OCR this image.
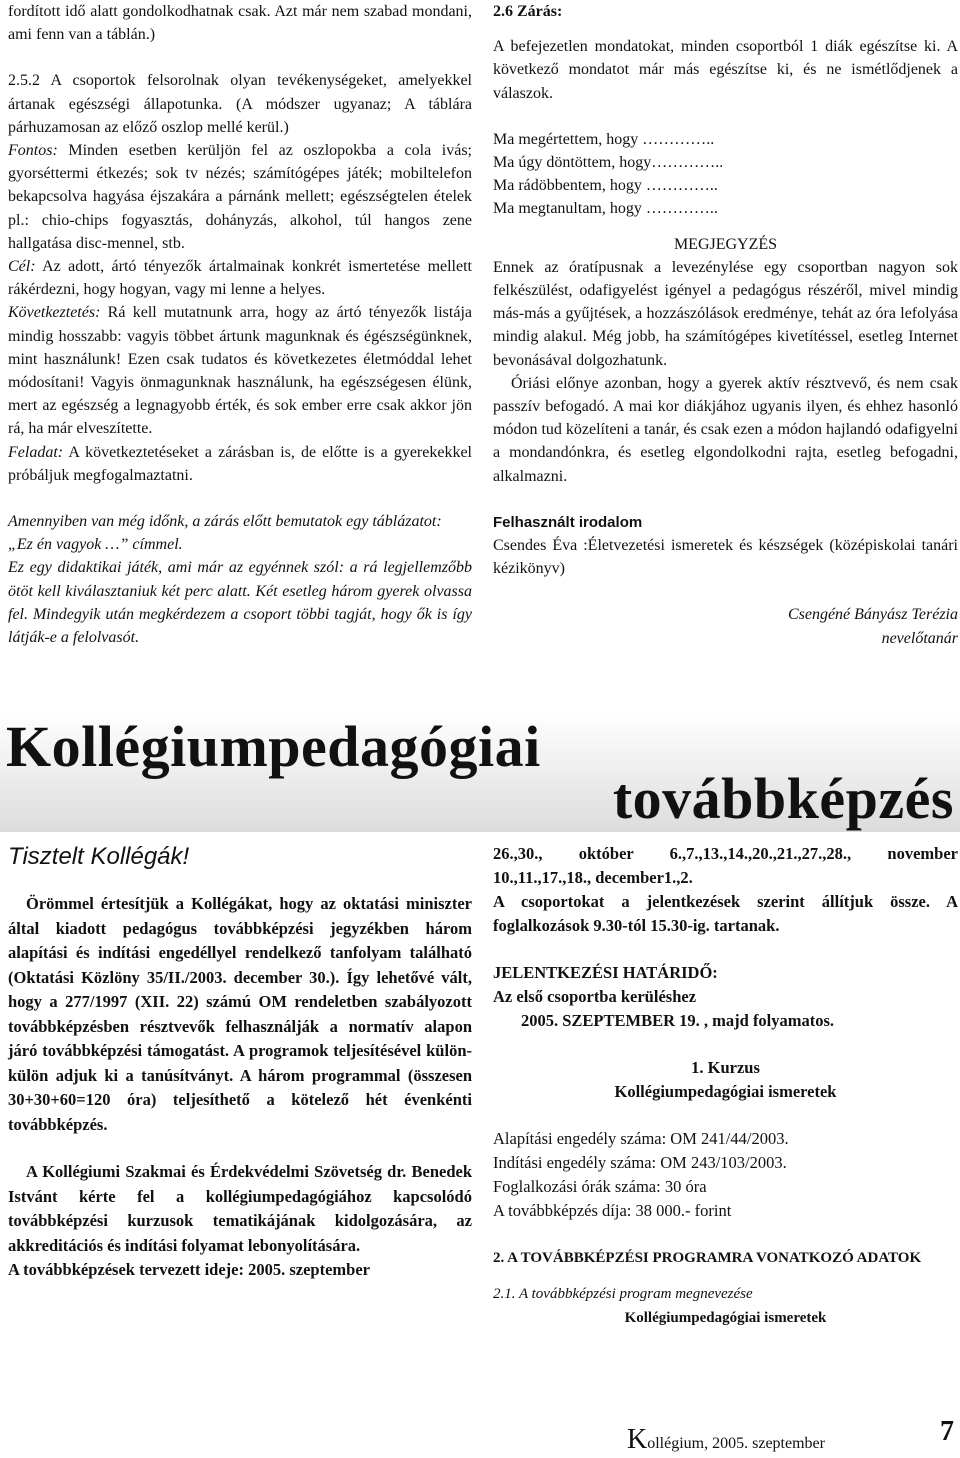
fordított idő alatt gondolkodhatnak csak. Azt már nem szabad mondani, ami fenn van a táblán.)

2.5.2 A csoportok felsorolnak olyan tevékenységeket, amelyekkel ártanak egészségi állapotunka. (A módszer ugyanaz; A táblára párhuzamosan az előző oszlop mellé kerül.)

Fontos: Minden esetben kerüljön fel az oszlopokba a cola ivás; gyorséttermi étkezés; sok tv nézés; számítógépes játék; mobiltelefon bekapcsolva hagyása éjszakára a párnánk mellett; egészségtelen ételek pl.: chio-chips fogyasztás, dohányzás, alkohol, túl hangos zene hallgatása disc-mennel, stb.

Cél: Az adott, ártó tényezők ártalmainak konkrét ismertetése mellett rákérdezni, hogy hogyan, vagy mi lenne a helyes.

Következtetés: Rá kell mutatnunk arra, hogy az ártó tényezők listája mindig hosszabb: vagyis többet ártunk magunknak és égészségünknek, mint használunk! Ezen csak tudatos és következetes életmóddal lehet módosítani! Vagyis önmagunknak használunk, ha egészségesen élünk, mert az egészség a legnagyobb érték, és sok ember erre csak akkor jön rá, ha már elveszítette.

Feladat: A következtetéseket a zárásban is, de előtte is a gyerekekkel próbáljuk megfogalmaztatni.

Amennyiben van még időnk, a zárás előtt bemutatok egy táblázatot:

„Ez én vagyok …” címmel.

Ez egy didaktikai játék, ami már az egyénnek szól: a rá legjellemzőbb ötöt kell kiválasztaniuk két perc alatt. Két esetleg három gyerek olvassa fel. Mindegyik után megkérdezem a csoport többi tagját, hogy ők is így látják-e a felolvasót.

2.6 Zárás:

A befejezetlen mondatokat, minden csoportból 1 diák egészítse ki. A következő mondatot már más egészítse ki, és ne ismétlődjenek a válaszok.

Ma megértettem, hogy …………..

Ma úgy döntöttem, hogy…………..

Ma rádöbbentem, hogy …………..

Ma megtanultam, hogy …………..

MEGJEGYZÉS

Ennek az óratípusnak a levezénylése egy csoportban nagyon sok felkészülést, odafigyelést igényel a pedagógus részéről, mivel mindig más-más a gyűjtések, a hozzászólások eredménye, tehát az óra lefolyása mindig alakul. Még jobb, ha számítógépes kivetítéssel, esetleg Internet bevonásával dolgozhatunk.

Óriási előnye azonban, hogy a gyerek aktív résztvevő, és nem csak passzív befogadó. A mai kor diákjához ugyanis ilyen, és ehhez hasonló módon tud közelíteni a tanár, és csak ezen a módon hajlandó odafigyelni a mondandónkra, és esetleg elgondolkodni rajta, esetleg befogadni, alkalmazni.

Felhasznált irodalom

Csendes Éva :Életvezetési ismeretek és készségek (középiskolai tanári kézikönyv)

Csengéné Bányász Terézia

nevelőtanár

Kollégiumpedagógiai
továbbképzés

Tisztelt Kollégák!

Örömmel értesítjük a Kollégákat, hogy az oktatási miniszter által kiadott pedagógus továbbképzési jegyzékben három alapítási és indítási engedéllyel rendelkező tanfolyam található (Oktatási Közlöny 35/II./2003. december 30.). Így lehetővé vált, hogy a 277/1997 (XII. 22) számú OM rendeletben szabályozott továbbképzésben résztvevők felhasználják a normatív alapon járó továbbképzési támogatást. A programok teljesítésével külön-külön adjuk ki a tanúsítványt. A három programmal (összesen 30+30+60=120 óra) teljesíthető a kötelező hét évenkénti továbbképzés.

A Kollégiumi Szakmai és Érdekvédelmi Szövetség dr. Benedek Istvánt kérte fel a kollégiumpedagógiához kapcsolódó továbbképzési kurzusok tematikájának kidolgozására, az akkreditációs és indítási folyamat lebonyolítására.

A továbbképzések tervezett ideje: 2005. szeptember

26.,30., október 6.,7.,13.,14.,20.,21.,27.,28., november 10.,11.,17.,18., december1.,2.

A csoportokat a jelentkezések szerint állítjuk össze. A foglalkozások 9.30-tól 15.30-ig. tartanak.

JELENTKEZÉSI HATÁRIDŐ:

Az első csoportba kerüléshez

2005. SZEPTEMBER 19. , majd folyamatos.

1. Kurzus

Kollégiumpedagógiai ismeretek

Alapítási engedély száma: OM 241/44/2003.

Indítási engedély száma: OM 243/103/2003.

Foglalkozási órák száma: 30 óra

A továbbképzés díja: 38 000.- forint

2. A TOVÁBBKÉPZÉSI PROGRAMRA VONATKOZÓ ADATOK

2.1. A továbbképzési program megnevezése

Kollégiumpedagógiai ismeretek

Kollégium, 2005. szeptember	7
